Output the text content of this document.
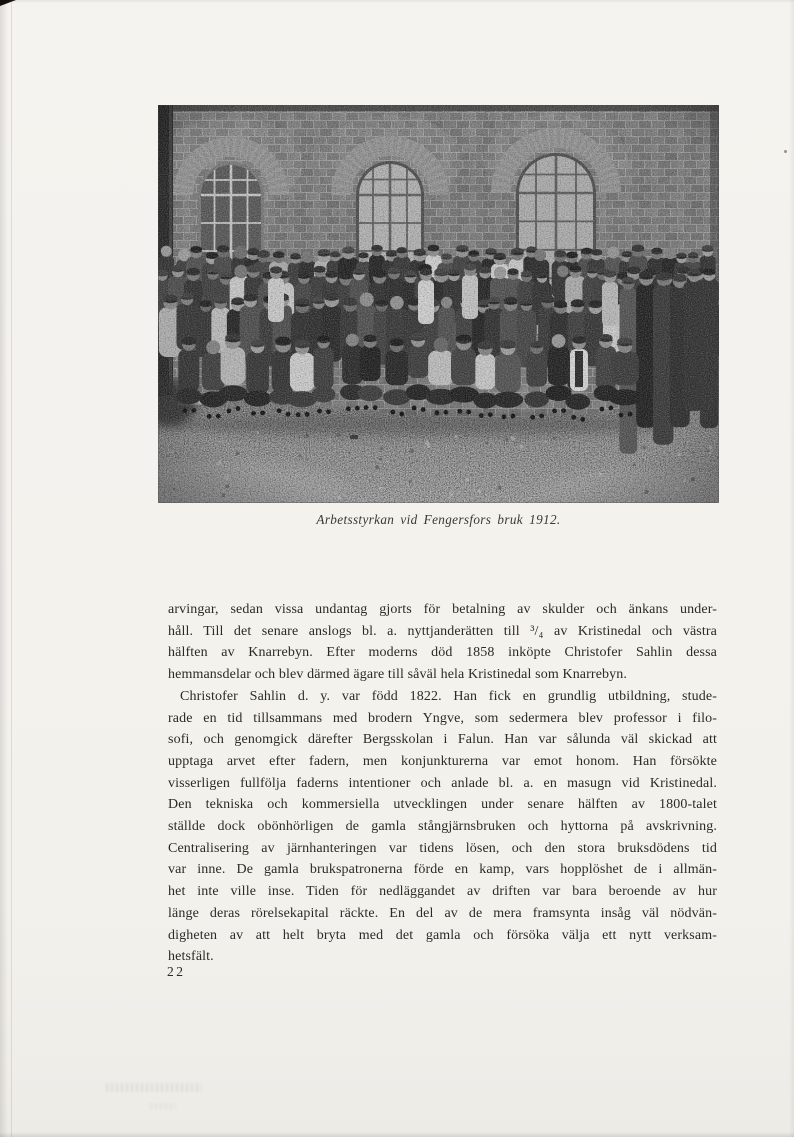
Arbetsstyrkan vid Fengersfors bruk 1912.
arvingar, sedan vissa undantag gjorts för betalning av skulder och änkans under-
håll. Till det senare anslogs bl. a. nyttjanderätten till ³/₄ av Kristinedal och västra
hälften av Knarrebyn. Efter moderns död 1858 inköpte Christofer Sahlin dessa
hemmansdelar och blev därmed ägare till såväl hela Kristinedal som Knarrebyn.
Christofer Sahlin d. y. var född 1822. Han fick en grundlig utbildning, stude-
rade en tid tillsammans med brodern Yngve, som sedermera blev professor i filo-
sofi, och genomgick därefter Bergsskolan i Falun. Han var sålunda väl skickad att
upptaga arvet efter fadern, men konjunkturerna var emot honom. Han försökte
visserligen fullfölja faderns intentioner och anlade bl. a. en masugn vid Kristinedal.
Den tekniska och kommersiella utvecklingen under senare hälften av 1800-talet
ställde dock obönhörligen de gamla stångjärnsbruken och hyttorna på avskrivning.
Centralisering av järnhanteringen var tidens lösen, och den stora bruksdödens tid
var inne. De gamla brukspatronerna förde en kamp, vars hopplöshet de i allmän-
het inte ville inse. Tiden för nedläggandet av driften var bara beroende av hur
länge deras rörelsekapital räckte. En del av de mera framsynta insåg väl nödvän-
digheten av att helt bryta med det gamla och försöka välja ett nytt verksam-
hetsfält.
22
